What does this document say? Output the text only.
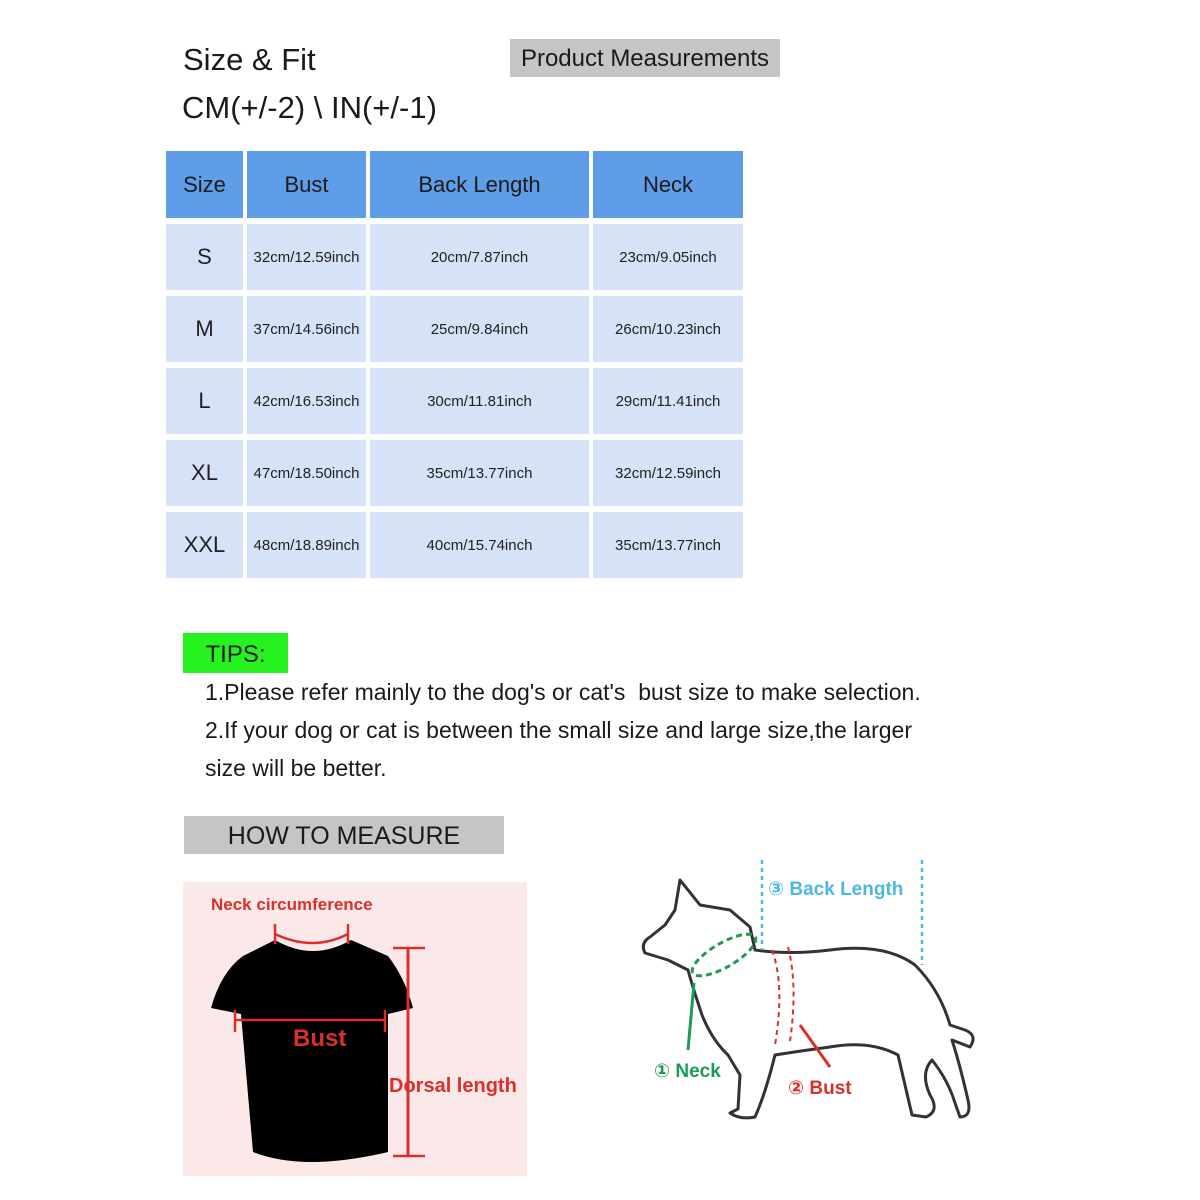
Size & Fit
CM(+/-2) \ IN(+/-1)
Product Measurements
Size	Bust	Back Length	Neck
S	32cm/12.59inch	20cm/7.87inch	23cm/9.05inch
M	37cm/14.56inch	25cm/9.84inch	26cm/10.23inch
L	42cm/16.53inch	30cm/11.81inch	29cm/11.41inch
XL	47cm/18.50inch	35cm/13.77inch	32cm/12.59inch
XXL	48cm/18.89inch	40cm/15.74inch	35cm/13.77inch
TIPS:
1.Please refer mainly to the dog's or cat's  bust size to make selection.
2.If your dog or cat is between the small size and large size,the larger
size will be better.
HOW TO MEASURE
Neck circumference
Bust
Dorsal length
③ Back Length
① Neck
② Bust
